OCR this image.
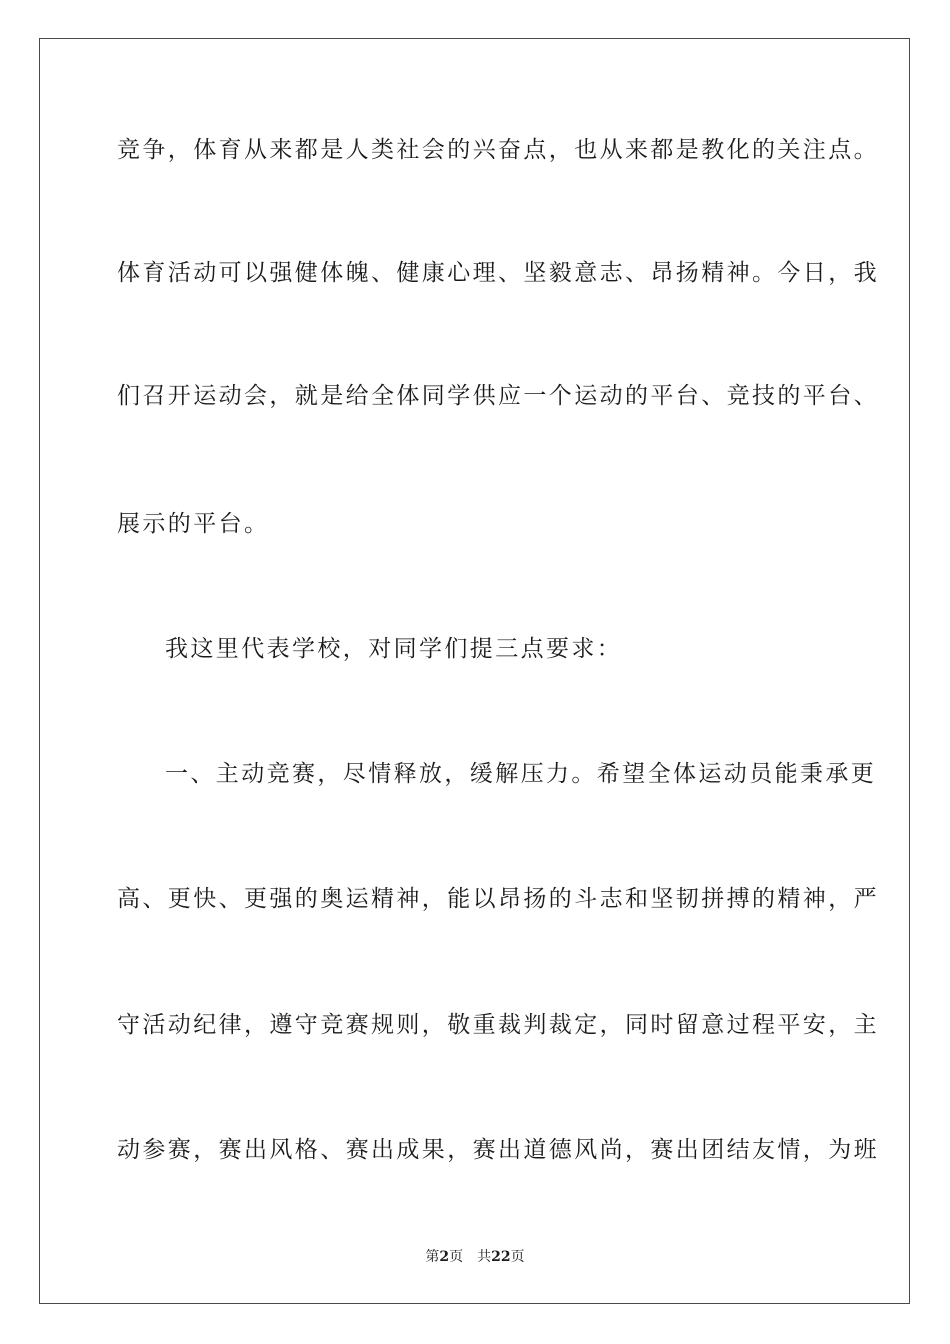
竞争，体育从来都是人类社会的兴奋点，也从来都是教化的关注点。
体育活动可以强健体魄、健康心理、坚毅意志、昂扬精神。今日，我
们召开运动会，就是给全体同学供应一个运动的平台、竞技的平台、
展示的平台。
我这里代表学校，对同学们提三点要求：
一、主动竞赛，尽情释放，缓解压力。希望全体运动员能秉承更
高、更快、更强的奥运精神，能以昂扬的斗志和坚韧拼搏的精神，严
守活动纪律，遵守竞赛规则，敬重裁判裁定，同时留意过程平安，主
动参赛，赛出风格、赛出成果，赛出道德风尚，赛出团结友情，为班
第2页 共22页
